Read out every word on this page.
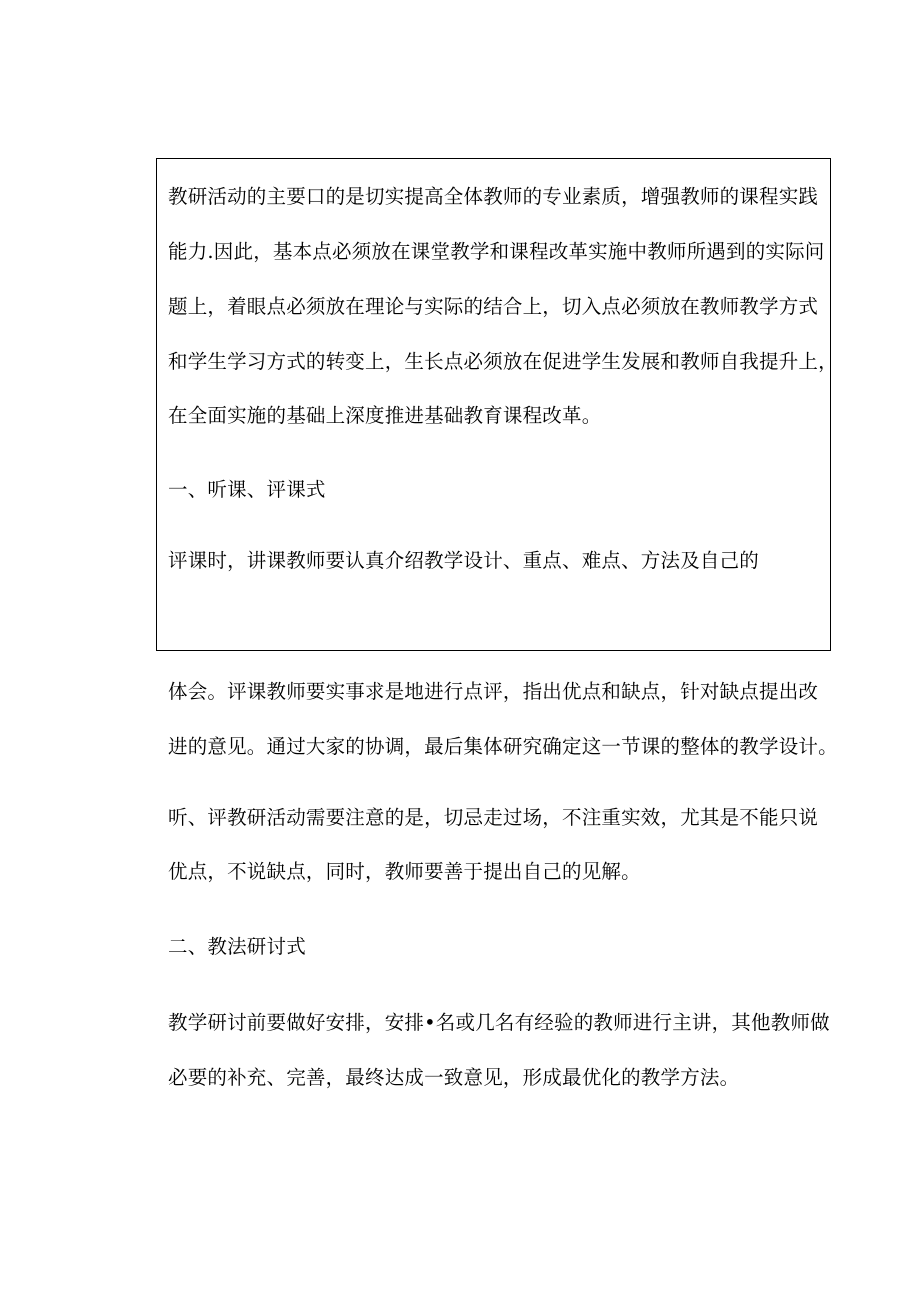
教研活动的主要口的是切实提高全体教师的专业素质，增强教师的课程实践
能力.因此，基本点必须放在课堂教学和课程改革实施中教师所遇到的实际问
题上，着眼点必须放在理论与实际的结合上，切入点必须放在教师教学方式
和学生学习方式的转变上，生长点必须放在促进学生发展和教师自我提升上，
在全面实施的基础上深度推进基础教育课程改革。
一、听课、评课式
评课时，讲课教师要认真介绍教学设计、重点、难点、方法及自己的
体会。评课教师要实事求是地进行点评，指出优点和缺点，针对缺点提出改
进的意见。通过大家的协调，最后集体研究确定这一节课的整体的教学设计。
听、评教研活动需要注意的是，切忌走过场，不注重实效，尤其是不能只说
优点，不说缺点，同时，教师要善于提出自己的见解。
二、教法研讨式
教学研讨前要做好安排，安排•名或几名有经验的教师进行主讲，其他教师做
必要的补充、完善，最终达成一致意见，形成最优化的教学方法。
